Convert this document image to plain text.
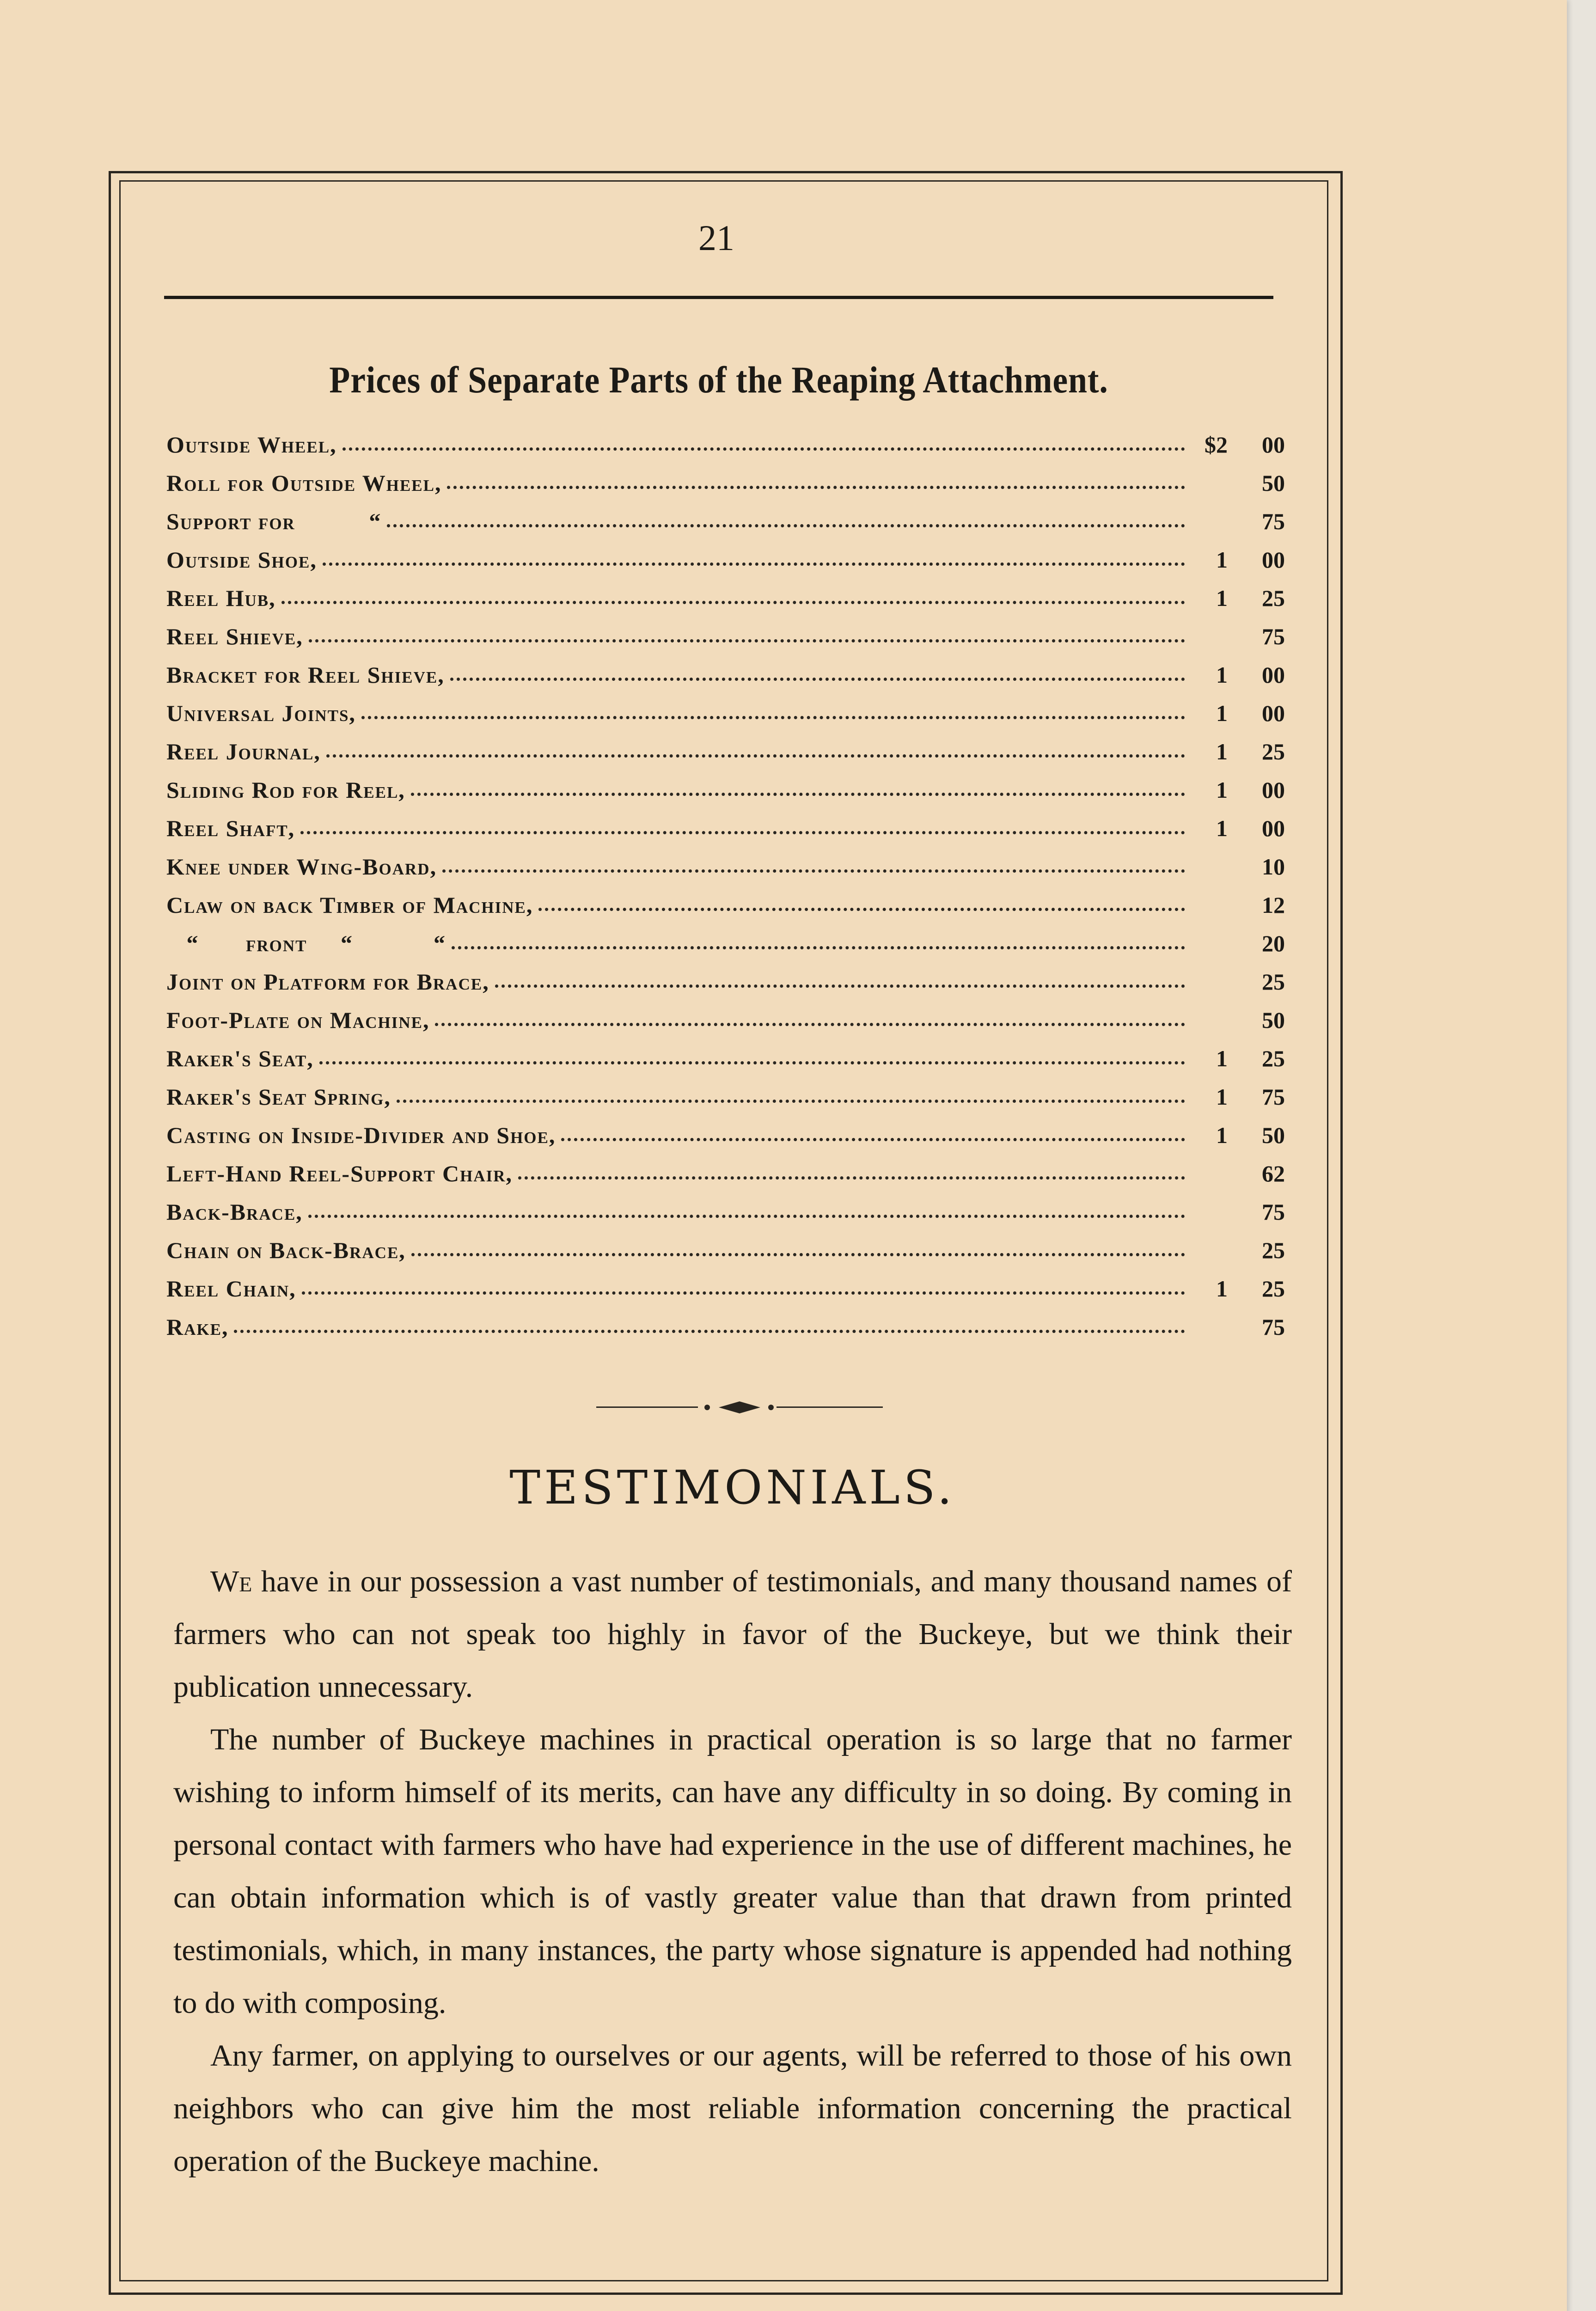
21
Prices of Separate Parts of the Reaping Attachment.
Outside Wheel,	$2	00
Roll for Outside Wheel,	50
Support for           “	75
Outside Shoe,	1	00
Reel Hub,	1	25
Reel Shieve,	75
Bracket for Reel Shieve,	1	00
Universal Joints,	1	00
Reel Journal,	1	25
Sliding Rod for Reel,	1	00
Reel Shaft,	1	00
Knee under Wing-Board,	10
Claw on back Timber of Machine,	12
“       front     “            “	20
Joint on Platform for Brace,	25
Foot-Plate on Machine,	50
Raker's Seat,	1	25
Raker's Seat Spring,	1	75
Casting on Inside-Divider and Shoe,	1	50
Left-Hand Reel-Support Chair,	62
Back-Brace,	75
Chain on Back-Brace,	25
Reel Chain,	1	25
Rake,	75
TESTIMONIALS.

We have in our possession a vast number of testimonials, and many thousand names of farmers who can not speak too highly in favor of the Buckeye, but we think their publication unnecessary.

The number of Buckeye machines in practical operation is so large that no farmer wishing to inform himself of its merits, can have any difficulty in so doing. By coming in personal contact with farmers who have had experience in the use of different machines, he can obtain information which is of vastly greater value than that drawn from printed testimonials, which, in many instances, the party whose signature is appended had nothing to do with composing.

Any farmer, on applying to ourselves or our agents, will be referred to those of his own neighbors who can give him the most reliable information concerning the practical operation of the Buckeye machine.
